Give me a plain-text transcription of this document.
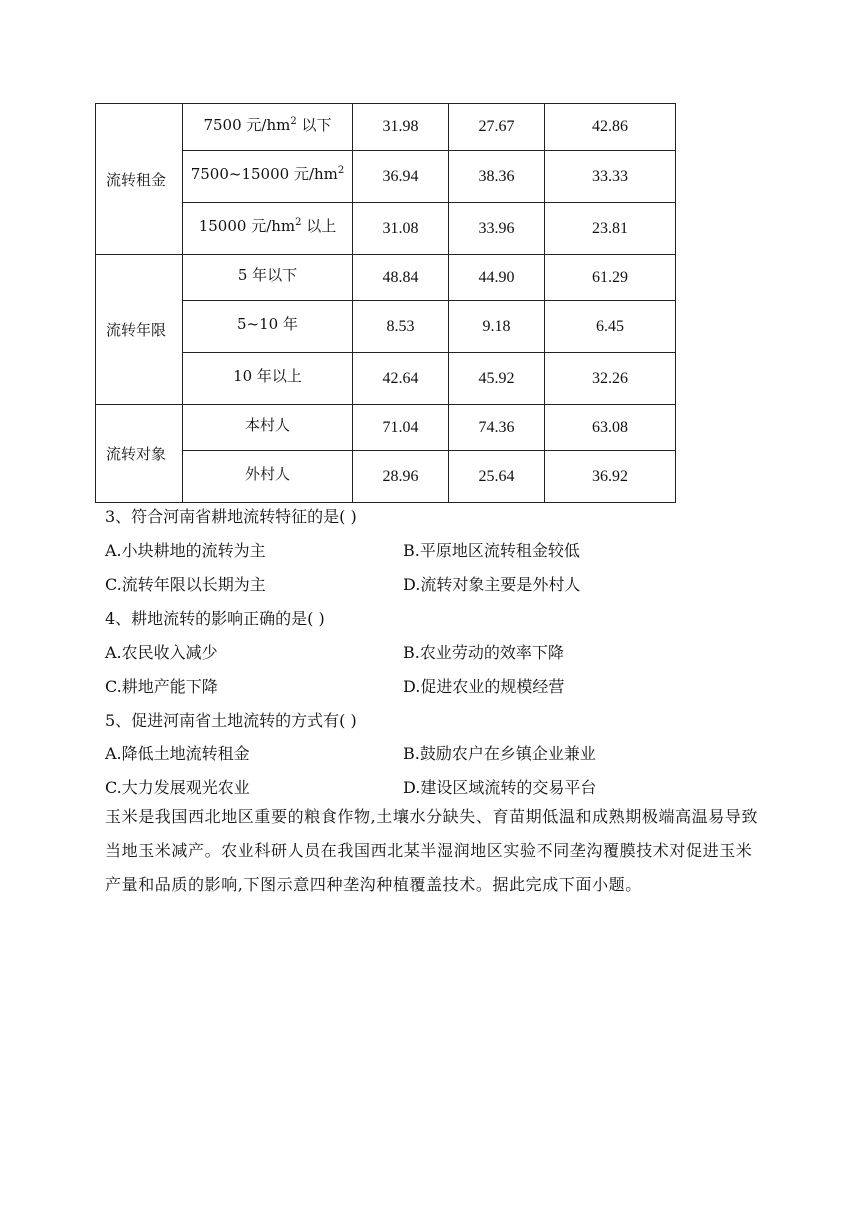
流转租金	7500 元$/hm^2$ 以下	31.98	27.67	42.86
	7500~15000 元$/hm^2$	36.94	38.36	33.33
	15000 元$/hm^2$ 以上	31.08	33.96	23.81
流转年限	5 年以下	48.84	44.90	61.29
	5~10 年	8.53	9.18	6.45
	10 年以上	42.64	45.92	32.26
流转对象	本村人	71.04	74.36	63.08
	外村人	28.96	25.64	36.92
3、符合河南省耕地流转特征的是( )
A.小块耕地的流转为主	B.平原地区流转租金较低
C.流转年限以长期为主	D.流转对象主要是外村人
4、耕地流转的影响正确的是( )
A.农民收入减少	B.农业劳动的效率下降
C.耕地产能下降	D.促进农业的规模经营
5、促进河南省土地流转的方式有( )
A.降低土地流转租金	B.鼓励农户在乡镇企业兼业
C.大力发展观光农业	D.建设区域流转的交易平台
玉米是我国西北地区重要的粮食作物,土壤水分缺失、育苗期低温和成熟期极端高温易导致当地玉米减产。农业科研人员在我国西北某半湿润地区实验不同垄沟覆膜技术对促进玉米产量和品质的影响,下图示意四种垄沟种植覆盖技术。据此完成下面小题。
